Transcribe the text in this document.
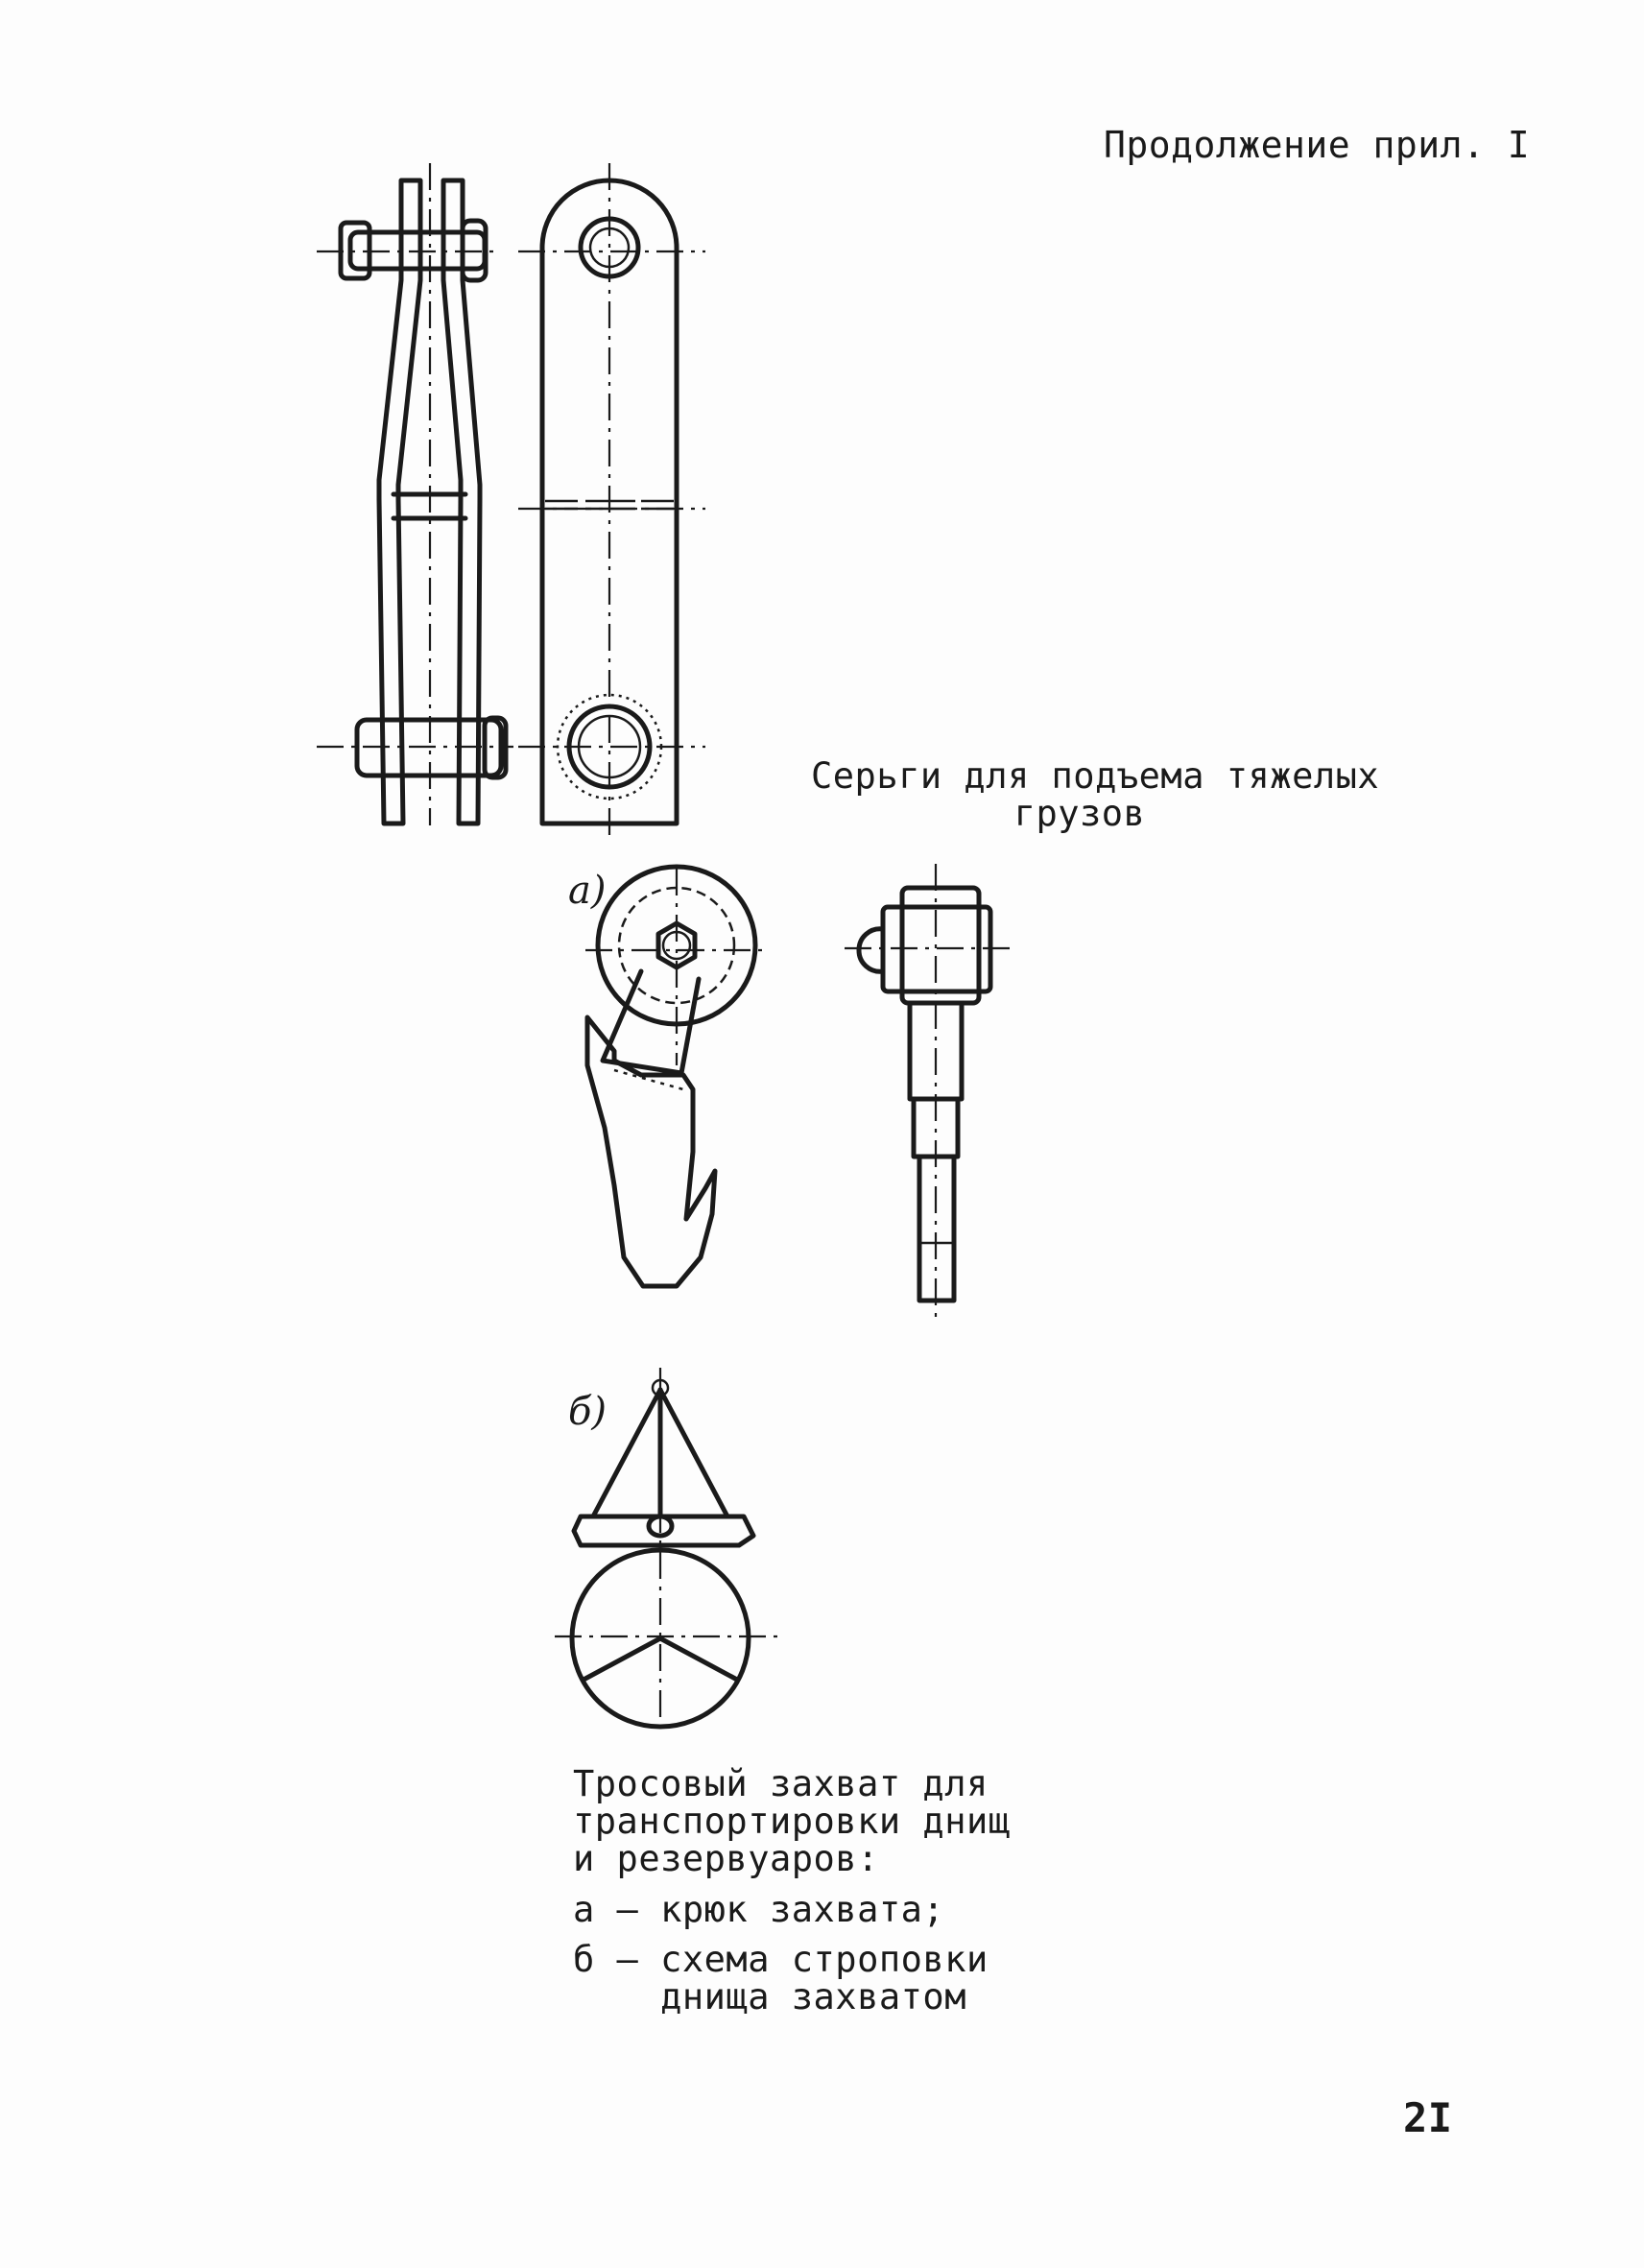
Продолжение прил. I
а)
б)
Серьги для подъема тяжелых
грузов
Тросовый захват для
транспортировки днищ
и резервуаров:
а – крюк захвата;
б – схема строповки
днища захватом
2I
